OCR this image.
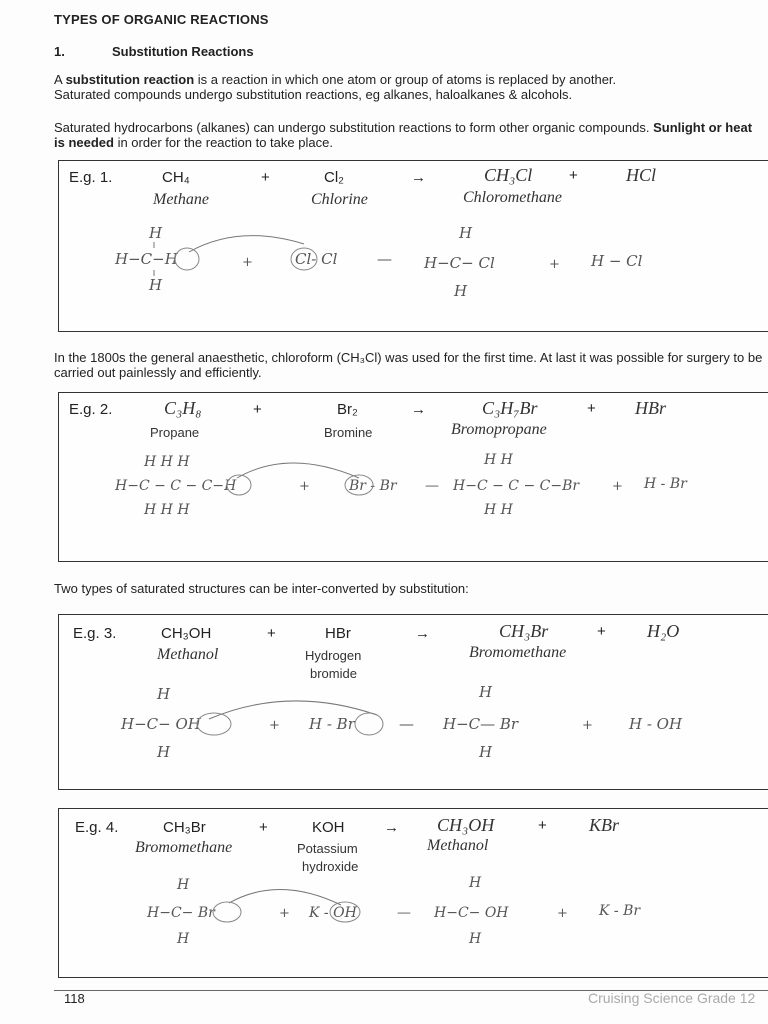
TYPES OF ORGANIC REACTIONS
1.	Substitution Reactions
A substitution reaction is a reaction in which one atom or group of atoms is replaced by another.
Saturated compounds undergo substitution reactions, eg alkanes, haloalkanes & alcohols.
Saturated hydrocarbons (alkanes) can undergo substitution reactions to form other organic compounds. Sunlight or heat is needed in order for the reaction to take place.
E.g. 1.	CH₄	+	Cl₂	→	CH₃Cl +	HCl
Methane	Chlorine	Chloromethane
H
H−C−H
H
+	Cl- Cl	—
H
H−C− Cl
H
+ H − Cl
In the 1800s the general anaesthetic, chloroform (CH₃Cl) was used for the first time. At last it was possible for surgery to be carried out painlessly and efficiently.
E.g. 2.	C₃H₈	+	Br₂	→	C₃H₇Br	+ HBr
Propane	Bromine	Bromopropane
H H H
H−C − C − C−H
H H H
+	Br - Br —
H H
H−C − C − C−Br
H H
+ H - Br
Two types of saturated structures can be inter-converted by substitution:
E.g. 3.	CH₃OH	+	HBr	→	CH₃Br	+ H₂O
Methanol	Hydrogen
bromide
Bromomethane
H
H−C− OH
H
+ H - Br	—
H
H−C— Br
H
+ H - OH
E.g. 4.	CH₃Br	+	KOH	→ CH₃OH	+ KBr
Bromomethane	Potassium
hydroxide
Methanol
H
H−C− Br
H
+ K - OH	—
H
H−C− OH
H
+ K - Br
118	Cruising Science Grade 12
